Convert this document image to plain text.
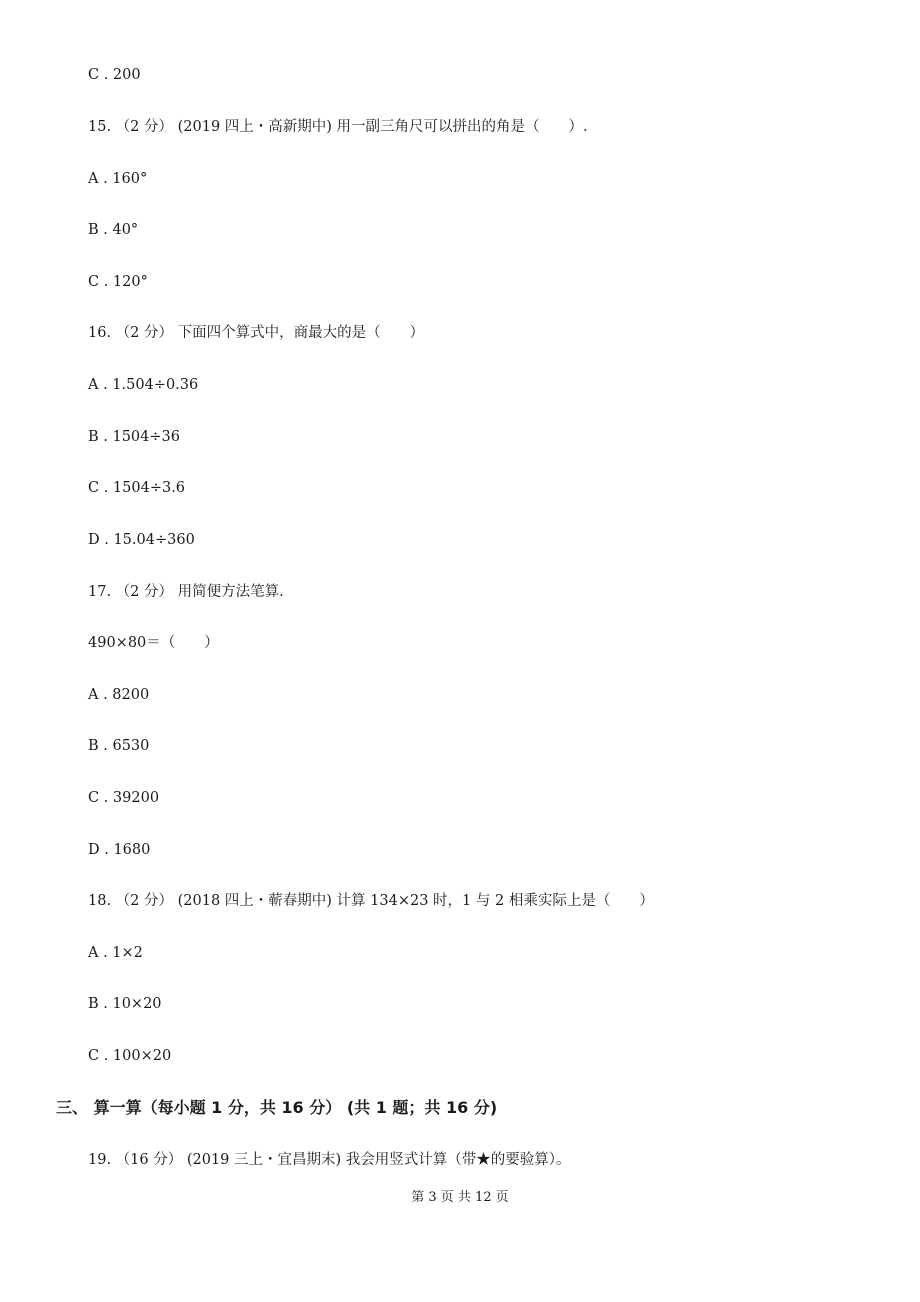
C . 200
15. （2 分） (2019 四上・高新期中) 用一副三角尺可以拼出的角是（　　）.
A . 160°
B . 40°
C . 120°
16. （2 分） 下面四个算式中，商最大的是（　　）
A . 1.504÷0.36
B . 1504÷36
C . 1504÷3.6
D . 15.04÷360
17. （2 分） 用简便方法笔算.
490×80＝（　　）
A . 8200
B . 6530
C . 39200
D . 1680
18. （2 分） (2018 四上・蕲春期中) 计算 134×23 时，1 与 2 相乘实际上是（　　）
A . 1×2
B . 10×20
C . 100×20
三、 算一算（每小题 1 分，共 16 分） (共 1 题；共 16 分)
19. （16 分） (2019 三上・宜昌期末) 我会用竖式计算（带★的要验算）。
第 3 页 共 12 页
